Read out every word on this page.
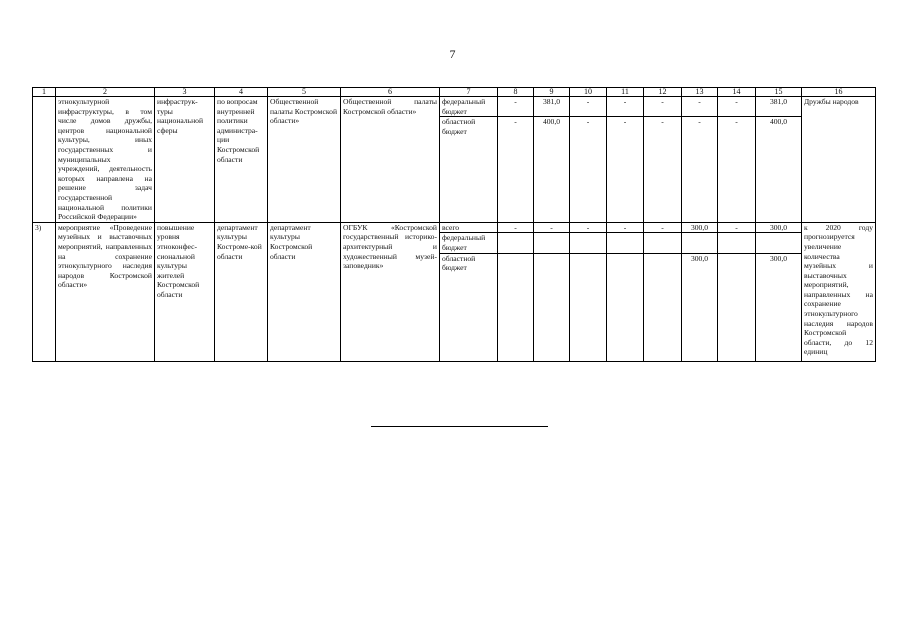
7
1	2	3	4	5	6	7	8	9	10	11	12	13	14	15	16
	этнокультурной инфраструктуры, в том числе домов дружбы, центров национальной культуры, иных государственных и муниципальных учреждений, деятельность которых направлена на решение задач государственной национальной политики Российской Федерации»	инфраструк-туры национальной сферы	по вопросам внутренней политики администра-ции Костромской области	Общественной палаты Костромской области»	Общественной палаты Костромской области»	федеральный бюджет	-	381,0	-	-	-	-	-	381,0	Дружбы народов
						областной бюджет	-	400,0	-	-	-	-	-	400,0	
3)	мероприятие «Проведение музейных и выставочных мероприятий, направленных на сохранение этнокультурного наследия народов Костромской области»	повышение уровня этноконфес-сиональной культуры жителей Костромской области	департамент культуры Костроме-кой области	департамент культуры Костромской области	ОГБУК «Костромской государственный историко-архитектурный и художественный музей-заповедник»	всего	-	-	-	-	-	300,0	-	300,0	к 2020 году прогнозируется увеличение количества музейных и выставочных мероприятий, направленных на сохранение этнокультурного наследия народов Костромской области, до 12 единиц
						федеральный бюджет									
						областной бюджет						300,0		300,0	
